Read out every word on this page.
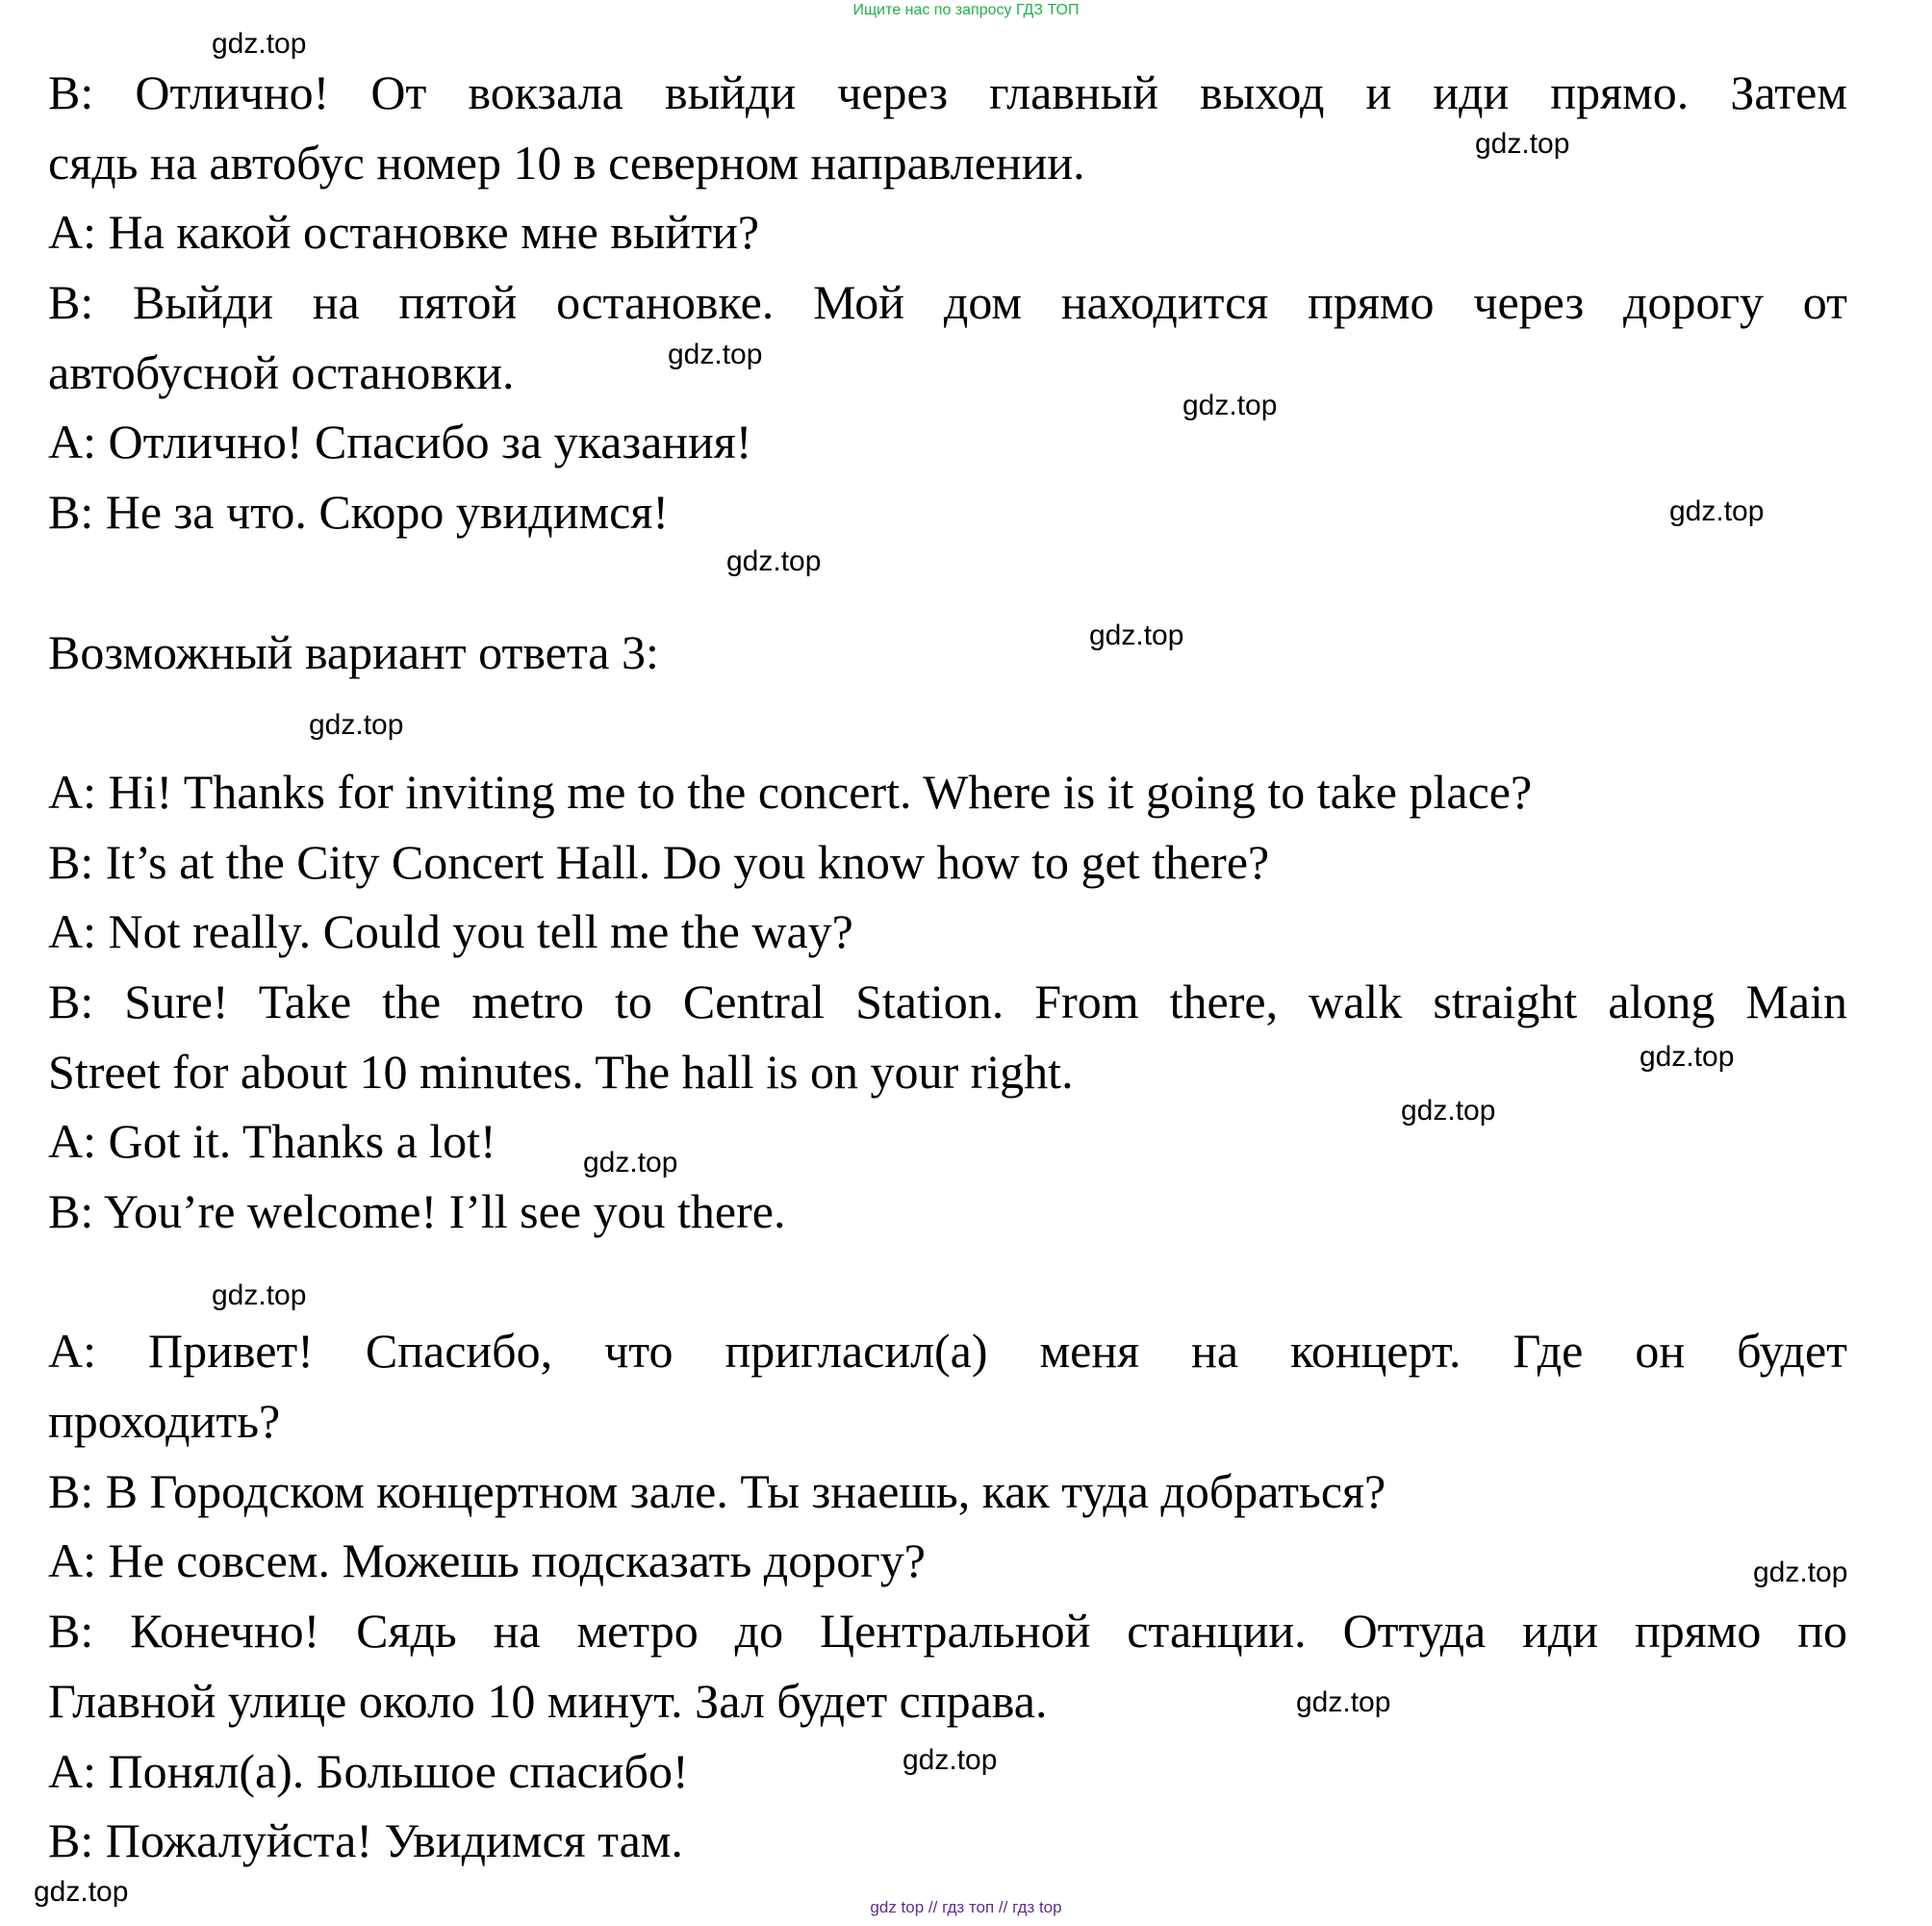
Ищите нас по запросу ГДЗ ТОП
B: Отлично! От вокзала выйди через главный выход и иди прямо. Затем
сядь на автобус номер 10 в северном направлении.
A: На какой остановке мне выйти?
B: Выйди на пятой остановке. Мой дом находится прямо через дорогу от
автобусной остановки.
A: Отлично! Спасибо за указания!
B: Не за что. Скоро увидимся!
Возможный вариант ответа 3:
A: Hi! Thanks for inviting me to the concert. Where is it going to take place?
B: It’s at the City Concert Hall. Do you know how to get there?
A: Not really. Could you tell me the way?
B: Sure! Take the metro to Central Station. From there, walk straight along Main
Street for about 10 minutes. The hall is on your right.
A: Got it. Thanks a lot!
B: You’re welcome! I’ll see you there.
A: Привет! Спасибо, что пригласил(а) меня на концерт. Где он будет
проходить?
B: В Городском концертном зале. Ты знаешь, как туда добраться?
A: Не совсем. Можешь подсказать дорогу?
B: Конечно! Сядь на метро до Центральной станции. Оттуда иди прямо по
Главной улице около 10 минут. Зал будет справа.
A: Понял(а). Большое спасибо!
B: Пожалуйста! Увидимся там.
gdz.top
gdz.top
gdz.top
gdz.top
gdz.top
gdz.top
gdz.top
gdz.top
gdz.top
gdz.top
gdz.top
gdz.top
gdz.top
gdz.top
gdz.top
gdz.top	gdz top // гдз топ // гдз top
